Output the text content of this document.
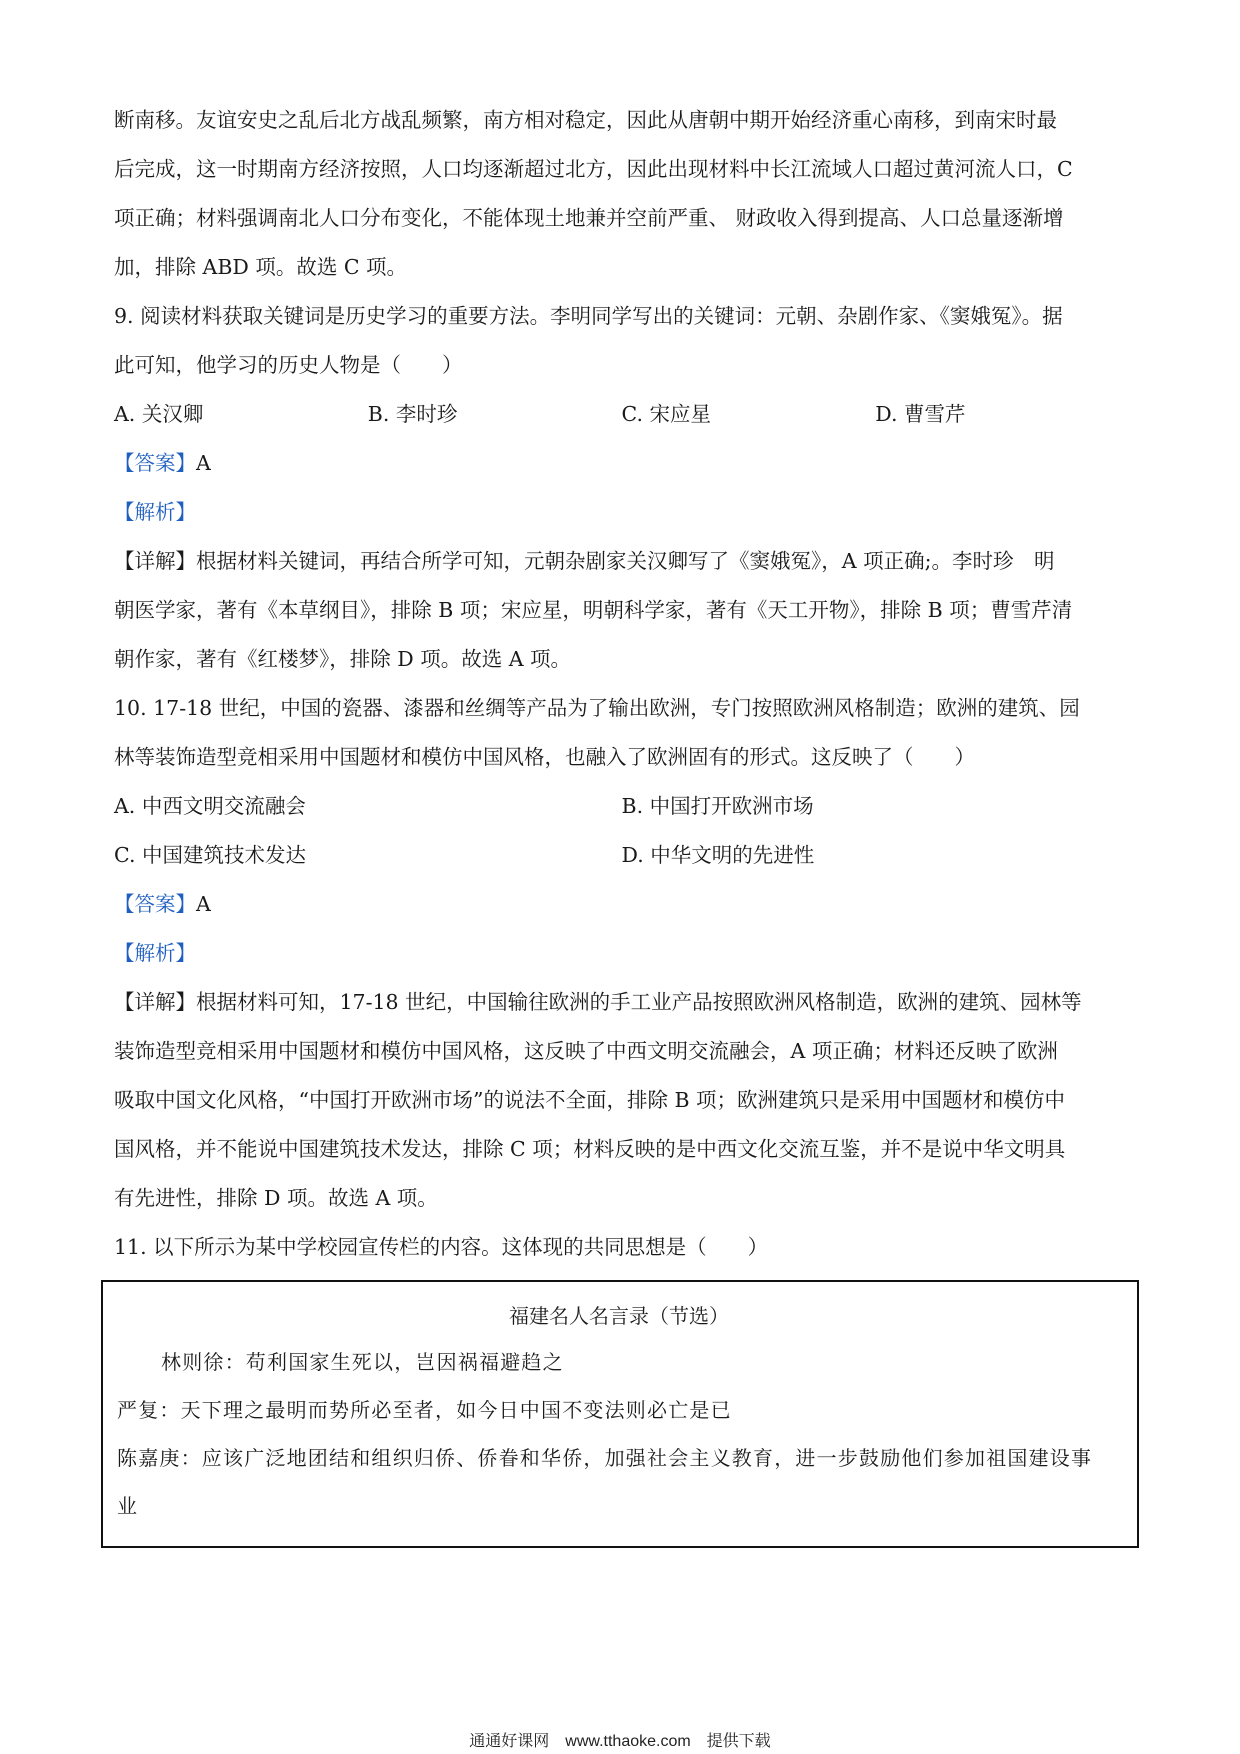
断南移。友谊安史之乱后北方战乱频繁，南方相对稳定，因此从唐朝中期开始经济重心南移，到南宋时最

后完成，这一时期南方经济按照，人口均逐渐超过北方，因此出现材料中长江流域人口超过黄河流人口，C

项正确；材料强调南北人口分布变化，不能体现土地兼并空前严重、 财政收入得到提高、人口总量逐渐增

加，排除 ABD 项。故选 C 项。

9. 阅读材料获取关键词是历史学习的重要方法。李明同学写出的关键词：元朝、杂剧作家、《窦娥冤》。据

此可知，他学习的历史人物是（　　）

A. 关汉卿	B. 李时珍	C. 宋应星	D. 曹雪芹

【答案】A

【解析】

【详解】根据材料关键词，再结合所学可知，元朝杂剧家关汉卿写了《窦娥冤》，A 项正确;。李时珍　明

朝医学家，著有《本草纲目》，排除 B 项；宋应星，明朝科学家，著有《天工开物》，排除 B 项；曹雪芹清

朝作家，著有《红楼梦》，排除 D 项。故选 A 项。

10. 17-18 世纪，中国的瓷器、漆器和丝绸等产品为了输出欧洲，专门按照欧洲风格制造；欧洲的建筑、园

林等装饰造型竞相采用中国题材和模仿中国风格，也融入了欧洲固有的形式。这反映了（　　）

A. 中西文明交流融会	B. 中国打开欧洲市场
C. 中国建筑技术发达	D. 中华文明的先进性

【答案】A

【解析】

【详解】根据材料可知，17-18 世纪，中国输往欧洲的手工业产品按照欧洲风格制造，欧洲的建筑、园林等

装饰造型竞相采用中国题材和模仿中国风格，这反映了中西文明交流融会，A 项正确；材料还反映了欧洲

吸取中国文化风格，“中国打开欧洲市场”的说法不全面，排除 B 项；欧洲建筑只是采用中国题材和模仿中

国风格，并不能说中国建筑技术发达，排除 C 项；材料反映的是中西文化交流互鉴，并不是说中华文明具

有先进性，排除 D 项。故选 A 项。

11. 以下所示为某中学校园宣传栏的内容。这体现的共同思想是（　　）

福建名人名言录（节选）
林则徐：苟利国家生死以，岂因祸福避趋之
严复：天下理之最明而势所必至者，如今日中国不变法则必亡是已
陈嘉庚：应该广泛地团结和组织归侨、侨眷和华侨，加强社会主义教育，进一步鼓励他们参加祖国建设事
业
通通好课网　www.tthaoke.com　提供下载
